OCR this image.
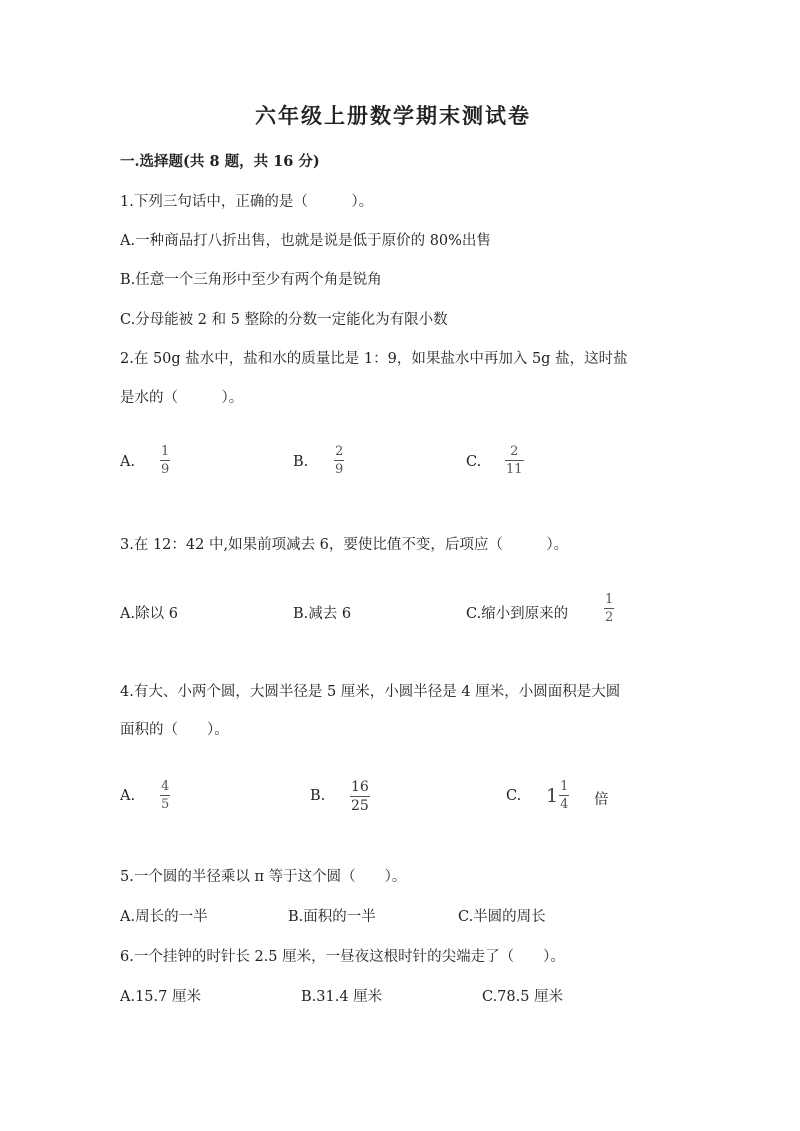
六年级上册数学期末测试卷
一.选择题(共 8 题，共 16 分)
1.下列三句话中，正确的是（　　　）。
A.一种商品打八折出售，也就是说是低于原价的 80%出售
B.任意一个三角形中至少有两个角是锐角
C.分母能被 2 和 5 整除的分数一定能化为有限小数
2.在 50g 盐水中，盐和水的质量比是 1：9，如果盐水中再加入 5g 盐，这时盐
是水的（　　　）。
A.
1
9	B.
2
9	C.
2
11
3.在 12：42 中,如果前项减去 6，要使比值不变，后项应（　　　）。
A.除以 6	B.减去 6	C.缩小到原来的
1
2
4.有大、小两个圆，大圆半径是 5 厘米，小圆半径是 4 厘米，小圆面积是大圆
面积的（　　）。
A.
4
5
B.
16
25
C. $1 \frac{1}{4}$ 倍
5.一个圆的半径乘以 π 等于这个圆（　　）。
A.周长的一半	B.面积的一半	C.半圆的周长
6.一个挂钟的时针长 2.5 厘米，一昼夜这根时针的尖端走了（　　）。
A.15.7 厘米	B.31.4 厘米	C.78.5 厘米
